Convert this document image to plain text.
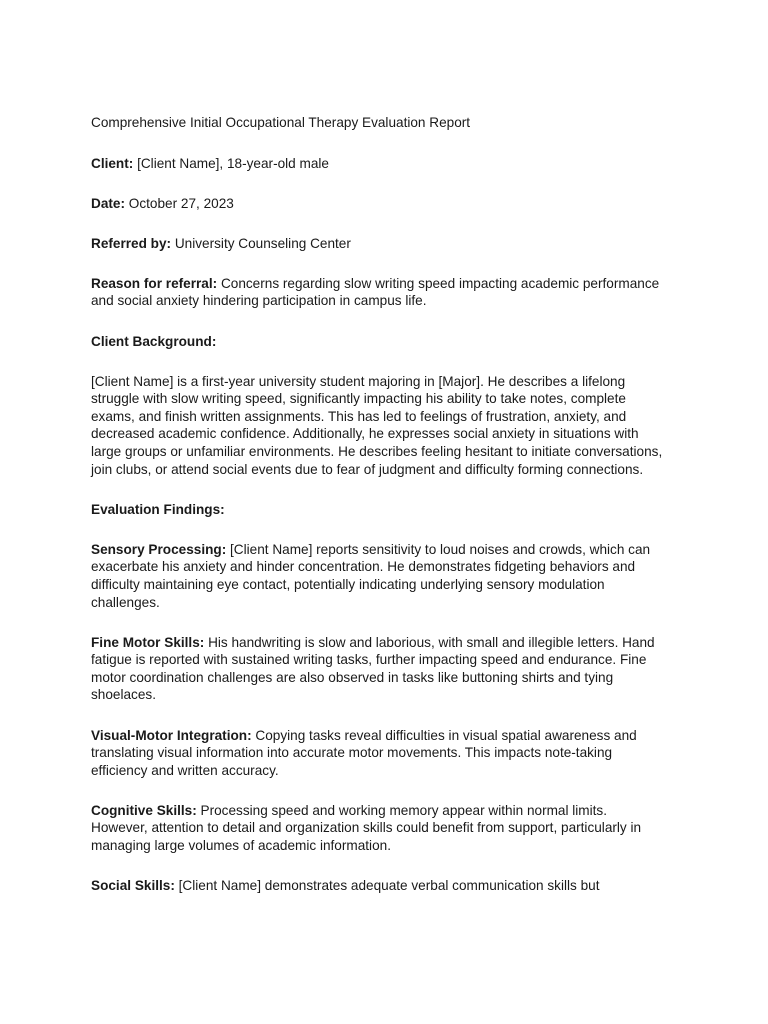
Comprehensive Initial Occupational Therapy Evaluation Report

Client: [Client Name], 18-year-old male

Date: October 27, 2023

Referred by: University Counseling Center

Reason for referral: Concerns regarding slow writing speed impacting academic performance and social anxiety hindering participation in campus life.

Client Background:

[Client Name] is a first-year university student majoring in [Major]. He describes a lifelong struggle with slow writing speed, significantly impacting his ability to take notes, complete exams, and finish written assignments. This has led to feelings of frustration, anxiety, and decreased academic confidence. Additionally, he expresses social anxiety in situations with large groups or unfamiliar environments. He describes feeling hesitant to initiate conversations, join clubs, or attend social events due to fear of judgment and difficulty forming connections.

Evaluation Findings:

Sensory Processing: [Client Name] reports sensitivity to loud noises and crowds, which can exacerbate his anxiety and hinder concentration. He demonstrates fidgeting behaviors and difficulty maintaining eye contact, potentially indicating underlying sensory modulation challenges.

Fine Motor Skills: His handwriting is slow and laborious, with small and illegible letters. Hand fatigue is reported with sustained writing tasks, further impacting speed and endurance. Fine motor coordination challenges are also observed in tasks like buttoning shirts and tying shoelaces.

Visual-Motor Integration: Copying tasks reveal difficulties in visual spatial awareness and translating visual information into accurate motor movements. This impacts note-taking efficiency and written accuracy.

Cognitive Skills: Processing speed and working memory appear within normal limits. However, attention to detail and organization skills could benefit from support, particularly in managing large volumes of academic information.

Social Skills: [Client Name] demonstrates adequate verbal communication skills but
